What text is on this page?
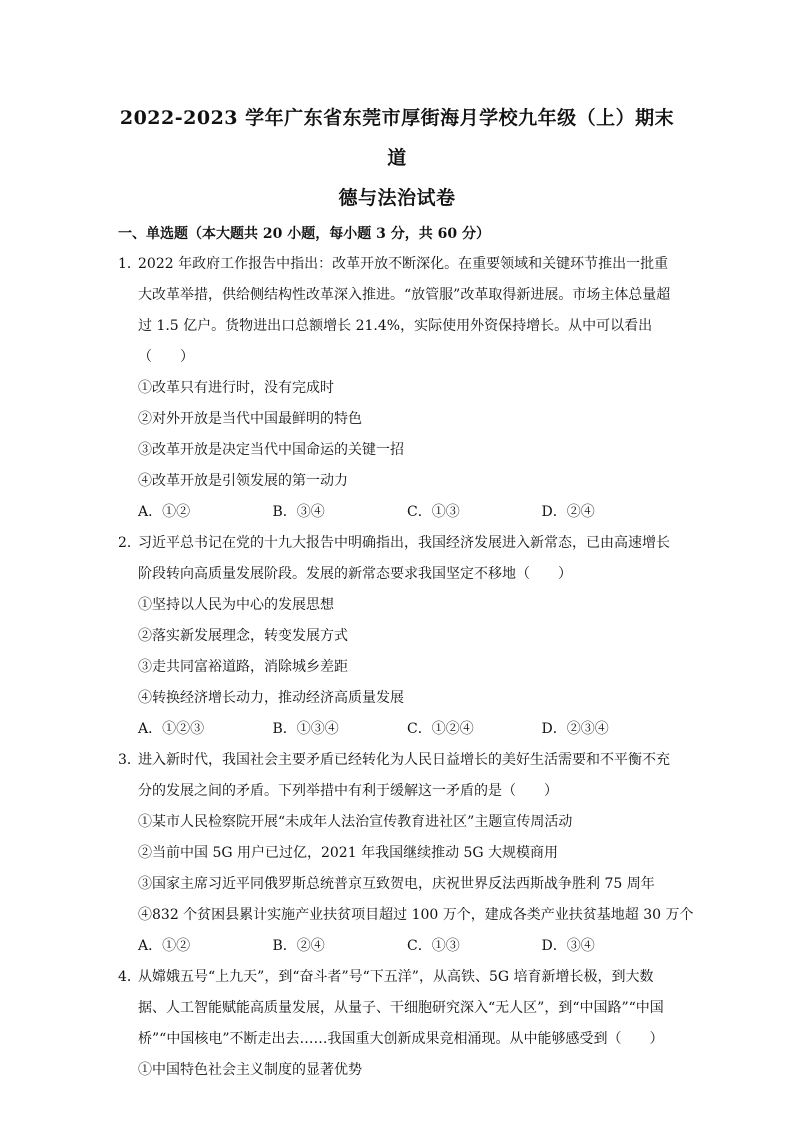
2022-2023 学年广东省东莞市厚街海月学校九年级（上）期末道
德与法治试卷
一、单选题（本大题共 20 小题，每小题 3 分，共 60 分）

1．2022 年政府工作报告中指出：改革开放不断深化。在重要领域和关键环节推出一批重大改革举措，供给侧结构性改革深入推进。“放管服”改革取得新进展。市场主体总量超过 1.5 亿户。货物进出口总额增长 21.4%，实际使用外资保持增长。从中可以看出（　　）

①改革只有进行时，没有完成时

②对外开放是当代中国最鲜明的特色

③改革开放是决定当代中国命运的关键一招

④改革开放是引领发展的第一动力

A．①②	B．③④	C．①③	D．②④

2．习近平总书记在党的十九大报告中明确指出，我国经济发展进入新常态，已由高速增长阶段转向高质量发展阶段。发展的新常态要求我国坚定不移地（　　）

①坚持以人民为中心的发展思想

②落实新发展理念，转变发展方式

③走共同富裕道路，消除城乡差距

④转换经济增长动力，推动经济高质量发展

A．①②③	B．①③④	C．①②④	D．②③④

3．进入新时代，我国社会主要矛盾已经转化为人民日益增长的美好生活需要和不平衡不充分的发展之间的矛盾。下列举措中有利于缓解这一矛盾的是（　　）

①某市人民检察院开展“未成年人法治宣传教育进社区”主题宣传周活动

②当前中国 5G 用户已过亿，2021 年我国继续推动 5G 大规模商用

③国家主席习近平同俄罗斯总统普京互致贺电，庆祝世界反法西斯战争胜利 75 周年

④832 个贫困县累计实施产业扶贫项目超过 100 万个，建成各类产业扶贫基地超 30 万个

A．①②	B．②④	C．①③	D．③④

4．从嫦娥五号“上九天”，到“奋斗者”号“下五洋”，从高铁、5G 培育新增长极，到大数据、人工智能赋能高质量发展，从量子、干细胞研究深入“无人区”，到“中国路”“中国桥”“中国核电”不断走出去……我国重大创新成果竞相涌现。从中能够感受到（　　）

①中国特色社会主义制度的显著优势
